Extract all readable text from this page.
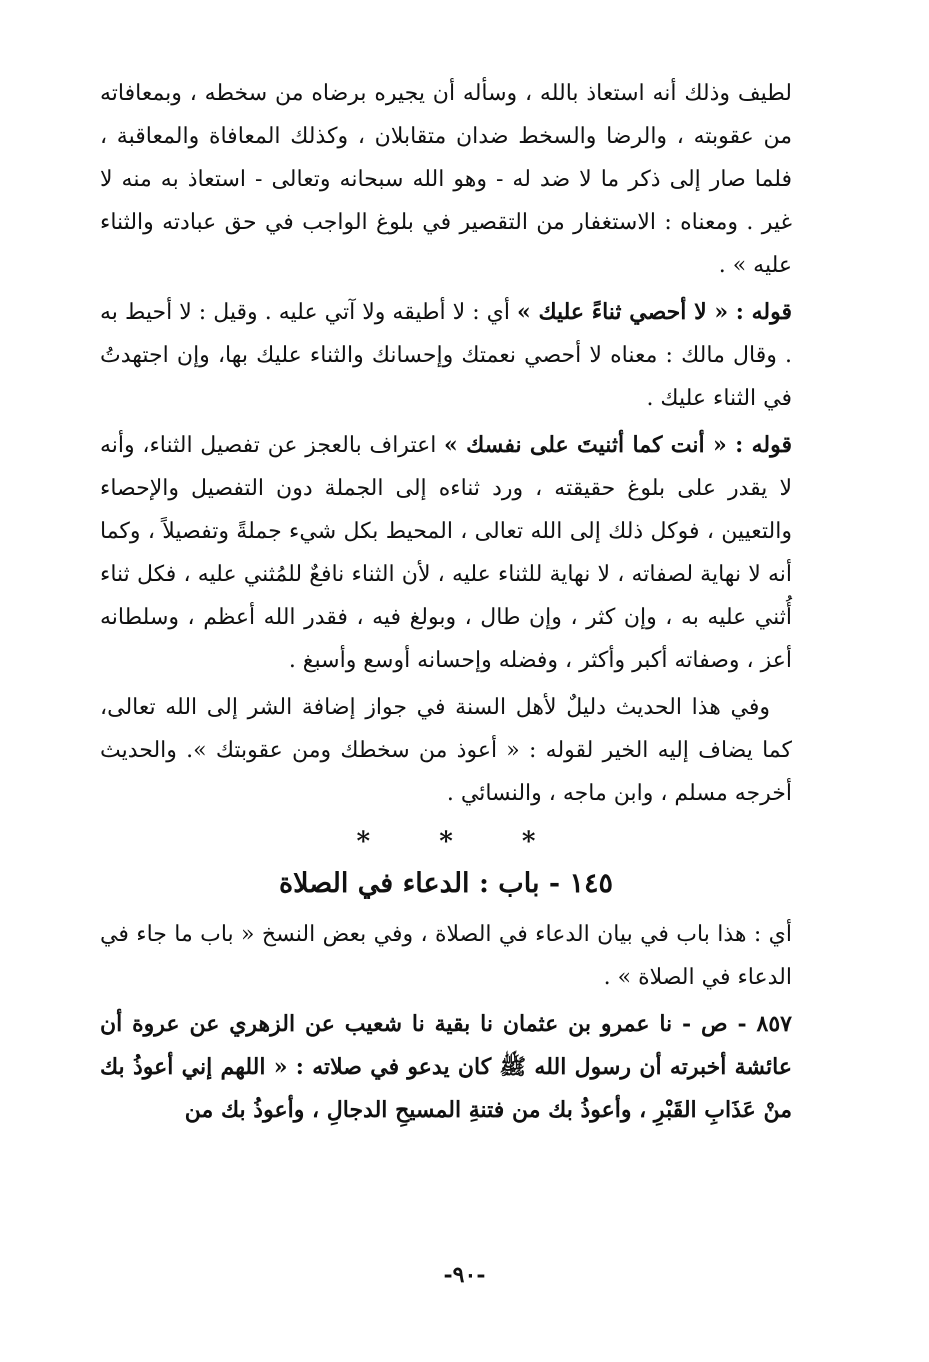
لطيف وذلك أنه استعاذ بالله ، وسأله أن يجيره برضاه من سخطه ، وبمعافاته من عقوبته ، والرضا والسخط ضدان متقابلان ، وكذلك المعافاة والمعاقبة ، فلما صار إلى ذكر ما لا ضد له - وهو الله سبحانه وتعالى - استعاذ به منه لا غير . ومعناه : الاستغفار من التقصير في بلوغ الواجب في حق عبادته والثناء عليه » .

قوله : « لا أحصي ثناءً عليك » أي : لا أطيقه ولا آتي عليه . وقيل : لا أحيط به . وقال مالك : معناه لا أحصي نعمتك وإحسانك والثناء عليك بها، وإن اجتهدتُ في الثناء عليك .

قوله : « أنت كما أثنيتَ على نفسك » اعتراف بالعجز عن تفصيل الثناء، وأنه لا يقدر على بلوغ حقيقته ، ورد ثناءه إلى الجملة دون التفصيل والإحصاء والتعيين ، فوكل ذلك إلى الله تعالى ، المحيط بكل شيء جملةً وتفصيلاً ، وكما أنه لا نهاية لصفاته ، لا نهاية للثناء عليه ، لأن الثناء نافعٌ للمُثني عليه ، فكل ثناء أُثني عليه به ، وإن كثر ، وإن طال ، وبولغ فيه ، فقدر الله أعظم ، وسلطانه أعز ، وصفاته أكبر وأكثر ، وفضله وإحسانه أوسع وأسبغ .

وفي هذا الحديث دليلٌ لأهل السنة في جواز إضافة الشر إلى الله تعالى، كما يضاف إليه الخير لقوله : « أعوذ من سخطك ومن عقوبتك ». والحديث أخرجه مسلم ، وابن ماجه ، والنسائي .

*	*	*
١٤٥ - باب : الدعاء في الصلاة

أي : هذا باب في بيان الدعاء في الصلاة ، وفي بعض النسخ « باب ما جاء في الدعاء في الصلاة » .

٨٥٧ - ص - نا عمرو بن عثمان نا بقية نا شعيب عن الزهري عن عروة أن عائشة أخبرته أن رسول الله ﷺ كان يدعو في صلاته : « اللهم إني أعوذُ بك منْ عَذَابِ القَبْرِ ، وأعوذُ بك من فتنةِ المسيحِ الدجالِ ، وأعوذُ بك من

-٩٠-
